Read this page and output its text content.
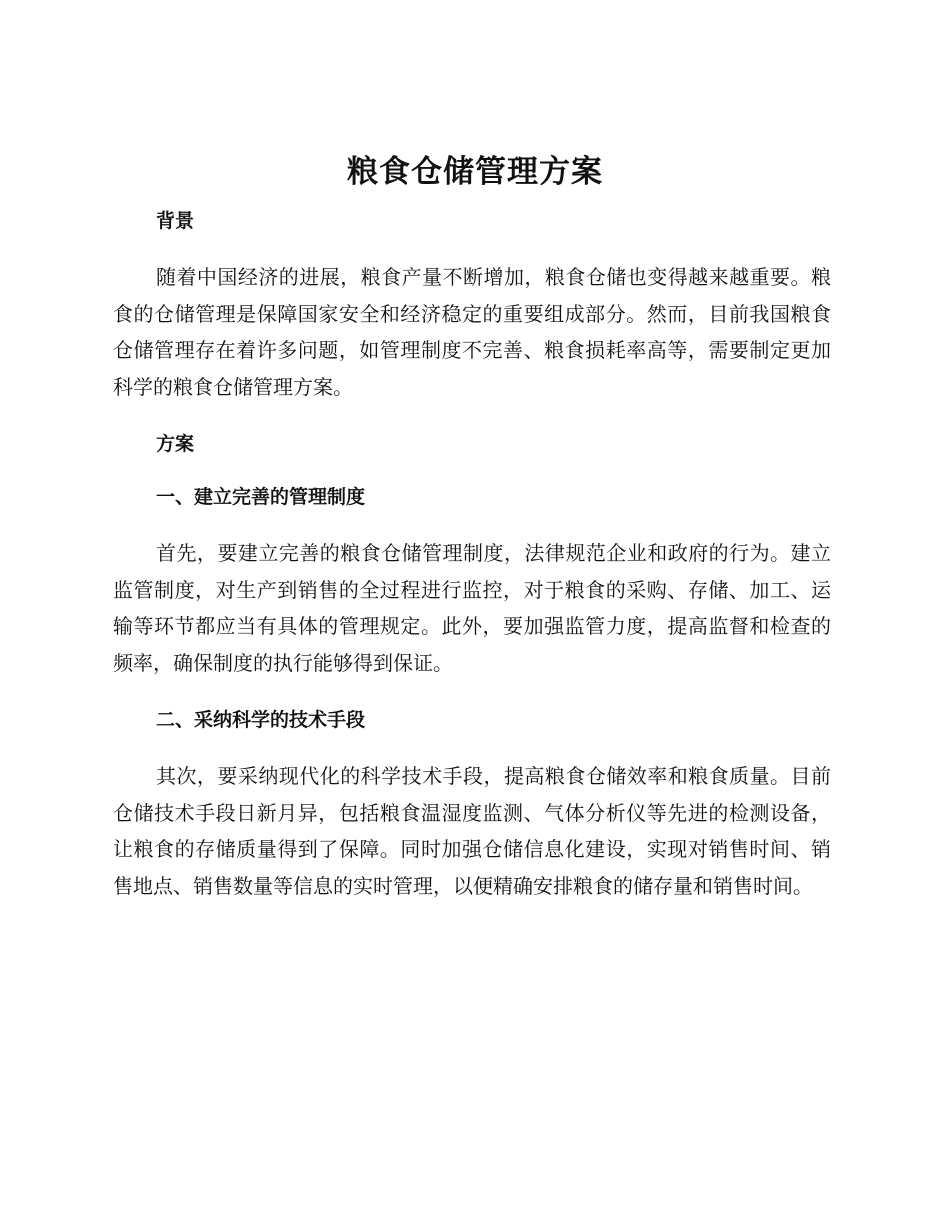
粮食仓储管理方案

背景

随着中国经济的进展，粮食产量不断增加，粮食仓储也变得越来越重要。粮食的仓储管理是保障国家安全和经济稳定的重要组成部分。然而，目前我国粮食仓储管理存在着许多问题，如管理制度不完善、粮食损耗率高等，需要制定更加科学的粮食仓储管理方案。

方案

一、建立完善的管理制度

首先，要建立完善的粮食仓储管理制度，法律规范企业和政府的行为。建立监管制度，对生产到销售的全过程进行监控，对于粮食的采购、存储、加工、运输等环节都应当有具体的管理规定。此外，要加强监管力度，提高监督和检查的频率，确保制度的执行能够得到保证。

二、采纳科学的技术手段

其次，要采纳现代化的科学技术手段，提高粮食仓储效率和粮食质量。目前仓储技术手段日新月异，包括粮食温湿度监测、气体分析仪等先进的检测设备，让粮食的存储质量得到了保障。同时加强仓储信息化建设，实现对销售时间、销售地点、销售数量等信息的实时管理，以便精确安排粮食的储存量和销售时间。
